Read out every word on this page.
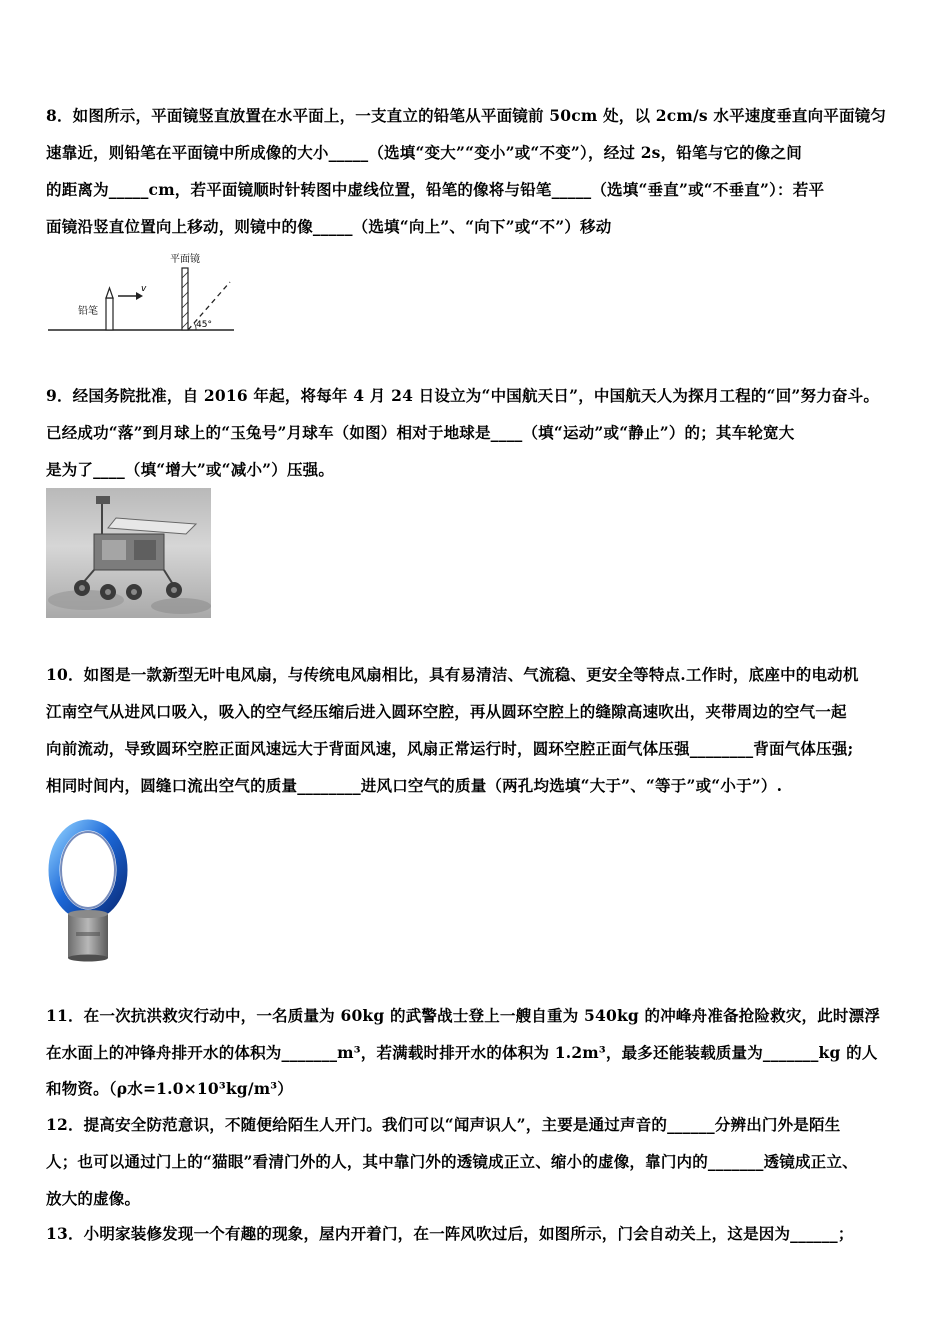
8．如图所示，平面镜竖直放置在水平面上，一支直立的铅笔从平面镜前 50cm 处，以 2cm/s 水平速度垂直向平面镜匀
速靠近，则铅笔在平面镜中所成像的大小_____（选填“变大”“变小”或“不变”），经过 2s，铅笔与它的像之间
的距离为_____cm，若平面镜顺时针转图中虚线位置，铅笔的像将与铅笔_____（选填“垂直”或“不垂直”）：若平
面镜沿竖直位置向上移动，则镜中的像_____（选填“向上”、“向下”或“不”）移动
铅笔
v
平面镜
45°
9．经国务院批准，自 2016 年起，将每年 4 月 24 日设立为“中国航天日”，中国航天人为探月工程的“回”努力奋斗。
已经成功“落”到月球上的“玉兔号”月球车（如图）相对于地球是____（填“运动”或“静止”）的；其车轮宽大
是为了____（填“增大”或“减小”）压强。
10．如图是一款新型无叶电风扇，与传统电风扇相比，具有易清洁、气流稳、更安全等特点.工作时，底座中的电动机
江南空气从进风口吸入，吸入的空气经压缩后进入圆环空腔，再从圆环空腔上的缝隙高速吹出，夹带周边的空气一起
向前流动，导致圆环空腔正面风速远大于背面风速，风扇正常运行时，圆环空腔正面气体压强________背面气体压强;
相同时间内，圆缝口流出空气的质量________进风口空气的质量（两孔均选填“大于”、“等于”或“小于”）.
11．在一次抗洪救灾行动中，一名质量为 60kg 的武警战士登上一艘自重为 540kg 的冲峰舟准备抢险救灾，此时漂浮
在水面上的冲锋舟排开水的体积为_______m³，若满载时排开水的体积为 1.2m³，最多还能装载质量为_______kg 的人
和物资。（ρ水=1.0×10³kg/m³）
12．提高安全防范意识，不随便给陌生人开门。我们可以“闻声识人”，主要是通过声音的______分辨出门外是陌生
人；也可以通过门上的“猫眼”看清门外的人，其中靠门外的透镜成正立、缩小的虚像，靠门内的_______透镜成正立、
放大的虚像。
13．小明家装修发现一个有趣的现象，屋内开着门，在一阵风吹过后，如图所示，门会自动关上，这是因为______；
